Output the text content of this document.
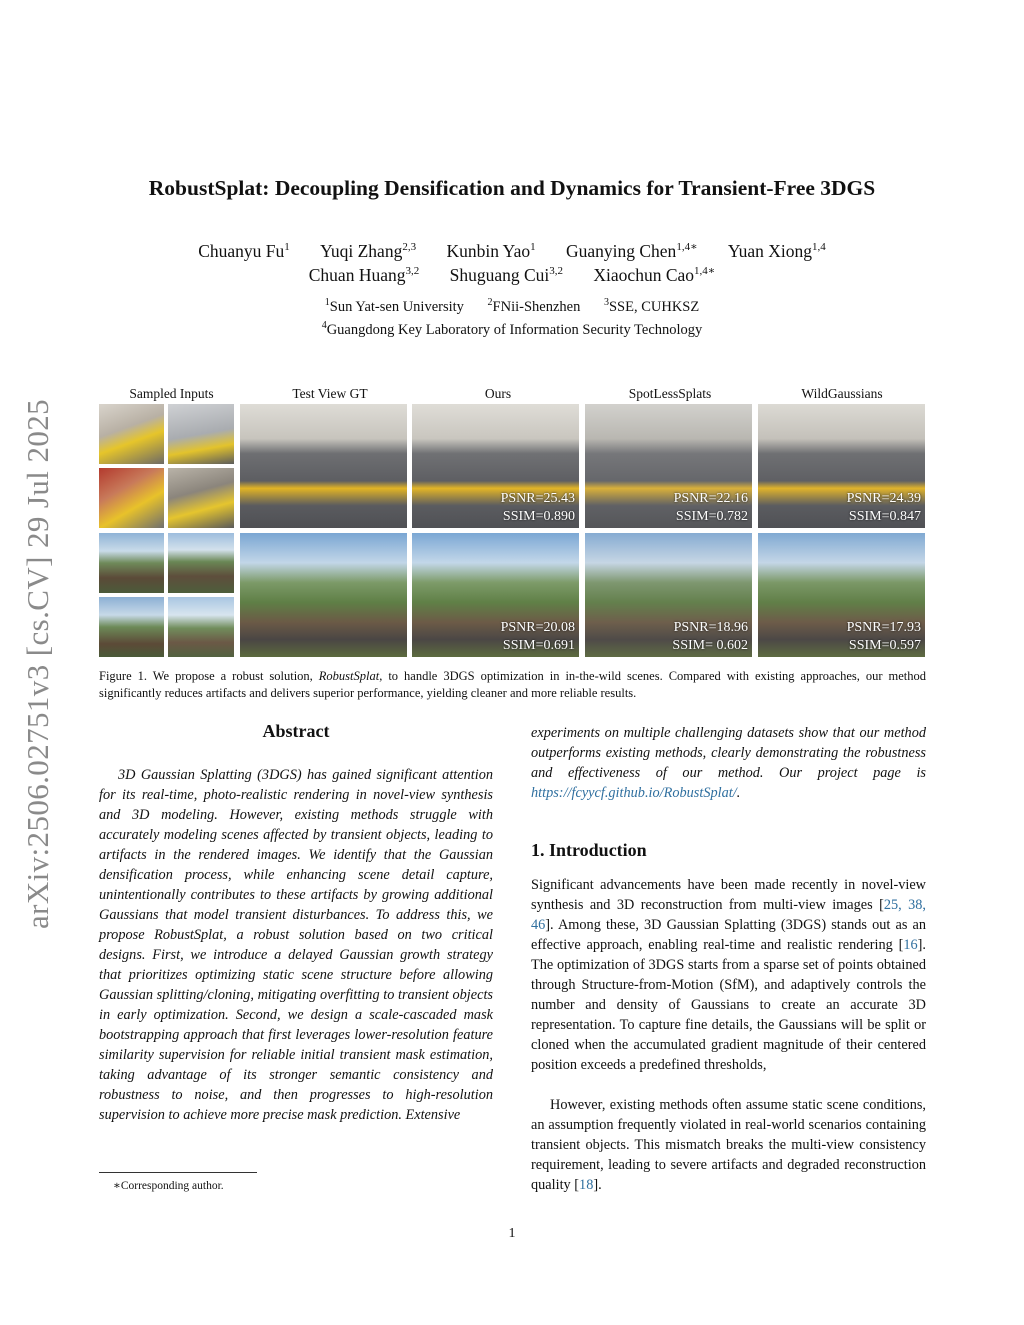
arXiv:2506.02751v3 [cs.CV] 29 Jul 2025
RobustSplat: Decoupling Densification and Dynamics for Transient-Free 3DGS
Chuanyu Fu$^1$ Yuqi Zhang$^{2,3}$ Kunbin Yao$^1$ Guanying Chen$^{1,4∗}$ Yuan Xiong$^{1,4}$
Chuan Huang$^{3,2}$ Shuguang Cui$^{3,2}$ Xiaochun Cao$^{1,4∗}$
$^1$Sun Yat-sen University $^2$FNii-Shenzhen $^3$SSE, CUHKSZ
$^4$Guangdong Key Laboratory of Information Security Technology
Sampled Inputs	Test View GT	Ours	SpotLessSplats	WildGaussians
PSNR=25.43
SSIM=0.890
PSNR=22.16
SSIM=0.782
PSNR=24.39
SSIM=0.847
PSNR=20.08
SSIM=0.691
PSNR=18.96
SSIM= 0.602
PSNR=17.93
SSIM=0.597
Figure 1. We propose a robust solution, RobustSplat, to handle 3DGS optimization in in-the-wild scenes. Compared with existing approaches, our method significantly reduces artifacts and delivers superior performance, yielding cleaner and more reliable results.
Abstract
3D Gaussian Splatting (3DGS) has gained significant attention for its real-time, photo-realistic rendering in novel-view synthesis and 3D modeling. However, existing methods struggle with accurately modeling scenes affected by transient objects, leading to artifacts in the rendered images. We identify that the Gaussian densification process, while enhancing scene detail capture, unintentionally contributes to these artifacts by growing additional Gaussians that model transient disturbances. To address this, we propose RobustSplat, a robust solution based on two critical designs. First, we introduce a delayed Gaussian growth strategy that prioritizes optimizing static scene structure before allowing Gaussian splitting/cloning, mitigating overfitting to transient objects in early optimization. Second, we design a scale-cascaded mask bootstrapping approach that first leverages lower-resolution feature similarity supervision for reliable initial transient mask estimation, taking advantage of its stronger semantic consistency and robustness to noise, and then progresses to high-resolution supervision to achieve more precise mask prediction. Extensive
∗Corresponding author.
experiments on multiple challenging datasets show that our method outperforms existing methods, clearly demonstrating the robustness and effectiveness of our method. Our project page is https://fcyycf.github.io/RobustSplat/.
1. Introduction
Significant advancements have been made recently in novel-view synthesis and 3D reconstruction from multi-view images [25, 38, 46]. Among these, 3D Gaussian Splatting (3DGS) stands out as an effective approach, enabling real-time and realistic rendering [16]. The optimization of 3DGS starts from a sparse set of points obtained through Structure-from-Motion (SfM), and adaptively controls the number and density of Gaussians to create an accurate 3D representation. To capture fine details, the Gaussians will be split or cloned when the accumulated gradient magnitude of their centered position exceeds a predefined thresholds,
However, existing methods often assume static scene conditions, an assumption frequently violated in real-world scenarios containing transient objects. This mismatch breaks the multi-view consistency requirement, leading to severe artifacts and degraded reconstruction quality [18].
1
